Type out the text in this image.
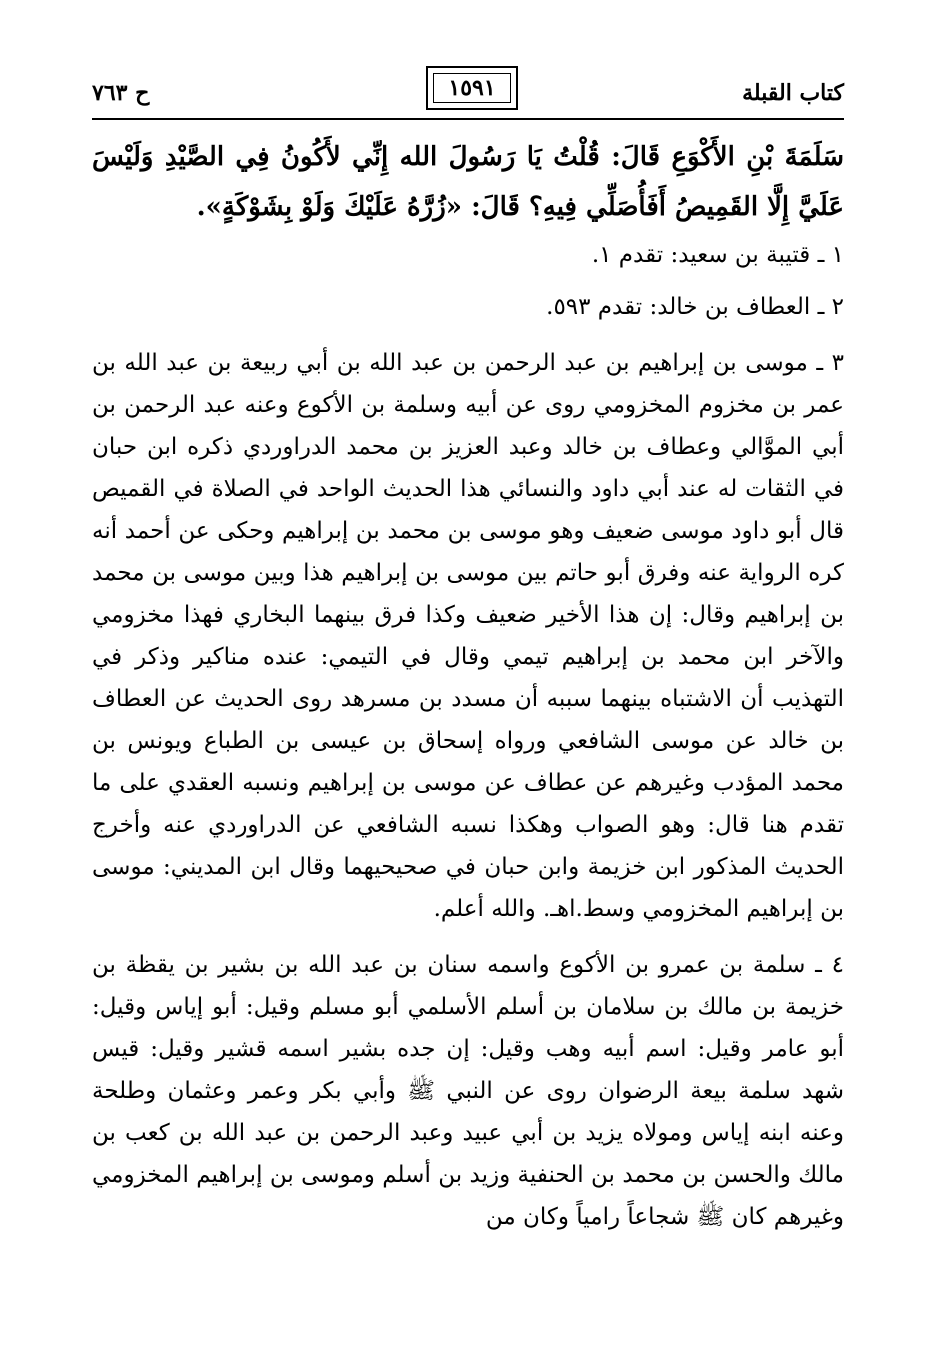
كتاب القبلة
١٥٩١
ح ٧٦٣
سَلَمَةَ بْنِ الأَكْوَعِ قَالَ: قُلْتُ يَا رَسُولَ الله إِنِّي لأَكُونُ فِي الصَّيْدِ وَلَيْسَ عَلَيَّ إِلَّا القَمِيصُ أَفَأُصَلِّي فِيهِ؟ قَالَ: «زُرَّهُ عَلَيْكَ وَلَوْ بِشَوْكَةٍ».
١ ـ قتيبة بن سعيد: تقدم ١.
٢ ـ العطاف بن خالد: تقدم ٥٩٣.
٣ ـ موسى بن إبراهيم بن عبد الرحمن بن عبد الله بن أبي ربيعة بن عبد الله بن عمر بن مخزوم المخزومي روى عن أبيه وسلمة بن الأكوع وعنه عبد الرحمن بن أبي الموَّالي وعطاف بن خالد وعبد العزيز بن محمد الدراوردي ذكره ابن حبان في الثقات له عند أبي داود والنسائي هذا الحديث الواحد في الصلاة في القميص قال أبو داود موسى ضعيف وهو موسى بن محمد بن إبراهيم وحكى عن أحمد أنه كره الرواية عنه وفرق أبو حاتم بين موسى بن إبراهيم هذا وبين موسى بن محمد بن إبراهيم وقال: إن هذا الأخير ضعيف وكذا فرق بينهما البخاري فهذا مخزومي والآخر ابن محمد بن إبراهيم تيمي وقال في التيمي: عنده مناكير وذكر في التهذيب أن الاشتباه بينهما سببه أن مسدد بن مسرهد روى الحديث عن العطاف بن خالد عن موسى الشافعي ورواه إسحاق بن عيسى بن الطباع ويونس بن محمد المؤدب وغيرهم عن عطاف عن موسى بن إبراهيم ونسبه العقدي على ما تقدم هنا قال: وهو الصواب وهكذا نسبه الشافعي عن الدراوردي عنه وأخرج الحديث المذكور ابن خزيمة وابن حبان في صحيحيهما وقال ابن المديني: موسى بن إبراهيم المخزومي وسط.اهـ. والله أعلم.
٤ ـ سلمة بن عمرو بن الأكوع واسمه سنان بن عبد الله بن بشير بن يقظة بن خزيمة بن مالك بن سلامان بن أسلم الأسلمي أبو مسلم وقيل: أبو إياس وقيل: أبو عامر وقيل: اسم أبيه وهب وقيل: إن جده بشير اسمه قشير وقيل: قيس شهد سلمة بيعة الرضوان روى عن النبي ﷺ وأبي بكر وعمر وعثمان وطلحة وعنه ابنه إياس ومولاه يزيد بن أبي عبيد وعبد الرحمن بن عبد الله بن كعب بن مالك والحسن بن محمد بن الحنفية وزيد بن أسلم وموسى بن إبراهيم المخزومي وغيرهم كان ﷺ شجاعاً رامياً وكان من
